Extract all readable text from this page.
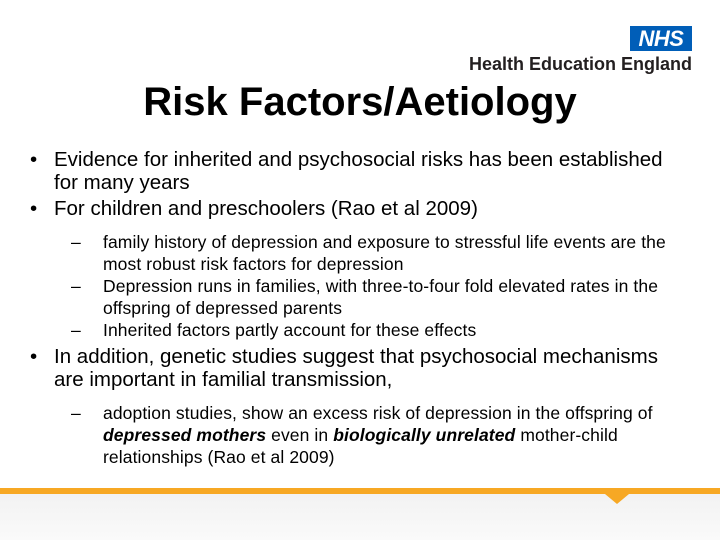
NHS
Health Education England
Risk Factors/Aetiology
• Evidence for inherited and psychosocial risks has been established for many years
• For children and preschoolers (Rao et al 2009)
– family history of depression and exposure to stressful life events are the most robust risk factors for depression
– Depression runs in families, with three-to-four fold elevated rates in the offspring of depressed parents
– Inherited factors partly account for these effects
• In addition, genetic studies suggest that psychosocial mechanisms are important in familial transmission,
– adoption studies, show an excess risk of depression in the offspring of depressed mothers even in biologically unrelated mother-child relationships (Rao et al 2009)
